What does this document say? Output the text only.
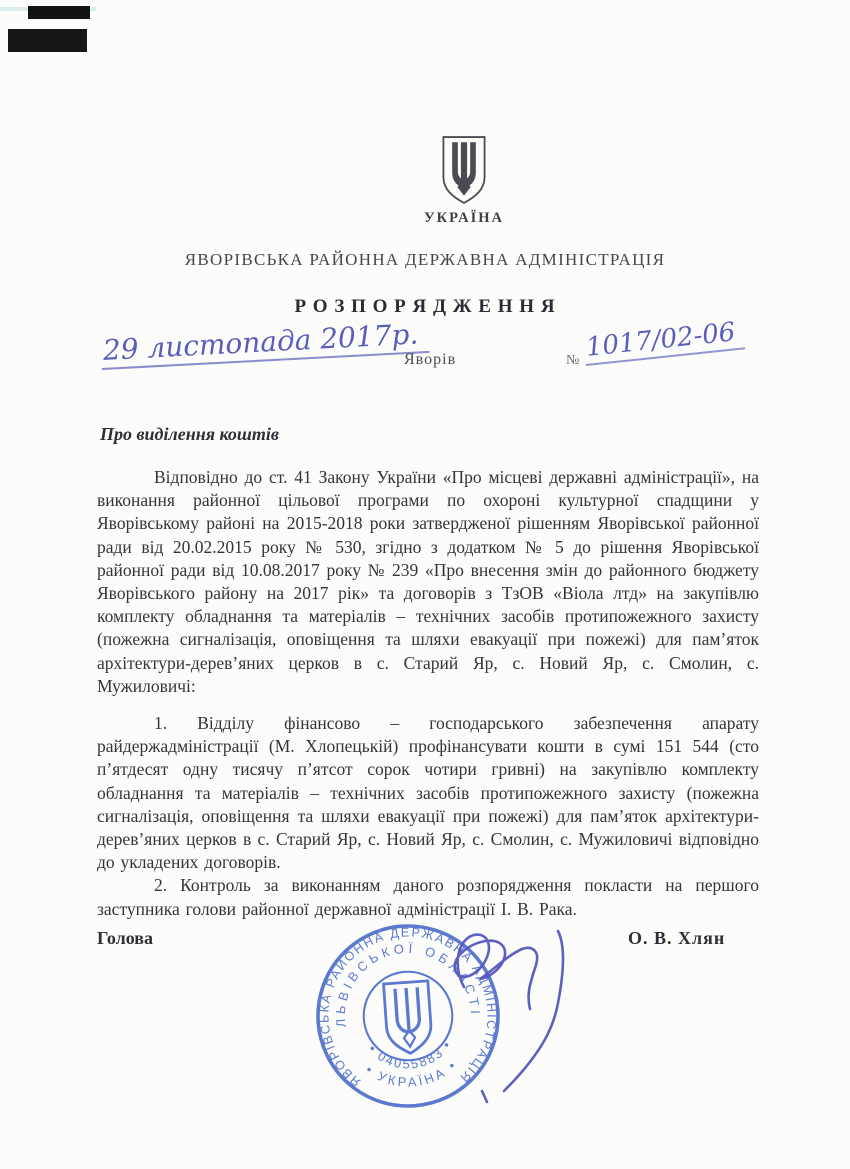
УКРАЇНА
ЯВОРІВСЬКА РАЙОННА ДЕРЖАВНА АДМІНІСТРАЦІЯ
Р О З П О Р Я Д Ж Е Н Н Я
29 листопада 2017р.
Яворів	№ 1017/02-06
Про виділення коштів

Відповідно до ст. 41 Закону України «Про місцеві державні адміністрації», на виконання районної цільової програми по охороні культурної спадщини у Яворівському районі на 2015-2018 роки затвердженої рішенням Яворівської районної ради від 20.02.2015 року № 530, згідно з додатком № 5 до рішення Яворівської районної ради від 10.08.2017 року № 239 «Про внесення змін до районного бюджету Яворівського району на 2017 рік» та договорів з ТзОВ «Віола лтд» на закупівлю комплекту обладнання та матеріалів – технічних засобів протипожежного захисту (пожежна сигналізація, оповіщення та шляхи евакуації при пожежі) для пам’яток архітектури-дерев’яних церков в с. Старий Яр, с. Новий Яр, с. Смолин, с. Мужиловичі:

1. Відділу фінансово – господарського забезпечення апарату райдержадміністрації (М. Хлопецькій) профінансувати кошти в сумі 151 544 (сто п’ятдесят одну тисячу п’ятсот сорок чотири гривні) на закупівлю комплекту обладнання та матеріалів – технічних засобів протипожежного захисту (пожежна сигналізація, оповіщення та шляхи евакуації при пожежі) для пам’яток архітектури-дерев’яних церков в с. Старий Яр, с. Новий Яр, с. Смолин, с. Мужиловичі відповідно до укладених договорів.

2. Контроль за виконанням даного розпорядження покласти на першого заступника голови районної державної адміністрації І. В. Рака.

Голова	О. В. Хлян
ЯВОРІВСЬКА РАЙОННА ДЕРЖАВНА АДМІНІСТРАЦІЯ
ЛЬВІВСЬКОЇ ОБЛАСТІ
• УКРАЇНА •
• 04055883 •
